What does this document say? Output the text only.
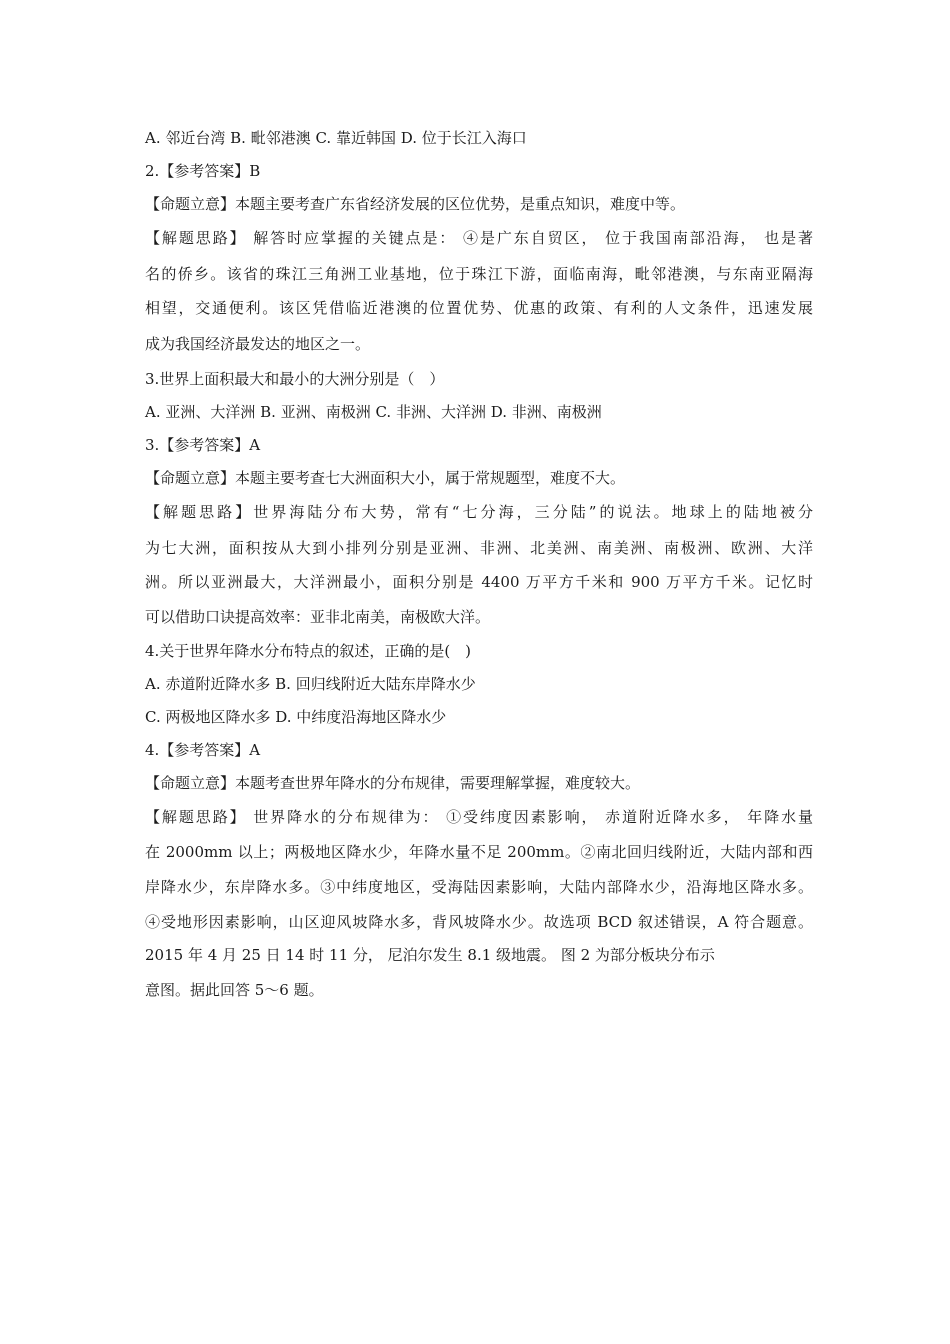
A. 邻近台湾 B. 毗邻港澳 C. 靠近韩国 D. 位于长江入海口
2.【参考答案】B
【命题立意】本题主要考查广东省经济发展的区位优势，是重点知识，难度中等。
【解题思路】 解答时应掌握的关键点是： ④是广东自贸区， 位于我国南部沿海， 也是著
名的侨乡。该省的珠江三角洲工业基地，位于珠江下游，面临南海，毗邻港澳，与东南亚隔海
相望，交通便利。该区凭借临近港澳的位置优势、优惠的政策、有利的人文条件，迅速发展
成为我国经济最发达的地区之一。
3.世界上面积最大和最小的大洲分别是（　）
A. 亚洲、大洋洲 B. 亚洲、南极洲 C. 非洲、大洋洲 D. 非洲、南极洲
3.【参考答案】A
【命题立意】本题主要考查七大洲面积大小，属于常规题型，难度不大。
【解题思路】世界海陆分布大势，常有“七分海，三分陆”的说法。地球上的陆地被分
为七大洲，面积按从大到小排列分别是亚洲、非洲、北美洲、南美洲、南极洲、欧洲、大洋
洲。所以亚洲最大，大洋洲最小，面积分别是 4400 万平方千米和 900 万平方千米。记忆时
可以借助口诀提高效率：亚非北南美，南极欧大洋。
4.关于世界年降水分布特点的叙述，正确的是(　)
A. 赤道附近降水多 B. 回归线附近大陆东岸降水少
C. 两极地区降水多 D. 中纬度沿海地区降水少
4.【参考答案】A
【命题立意】本题考查世界年降水的分布规律，需要理解掌握，难度较大。
【解题思路】 世界降水的分布规律为： ①受纬度因素影响， 赤道附近降水多， 年降水量
在 2000mm 以上；两极地区降水少，年降水量不足 200mm。②南北回归线附近，大陆内部和西
岸降水少，东岸降水多。③中纬度地区，受海陆因素影响，大陆内部降水少，沿海地区降水多。
④受地形因素影响，山区迎风坡降水多，背风坡降水少。故选项 BCD 叙述错误，A 符合题意。
2015 年 4 月 25 日 14 时 11 分， 尼泊尔发生 8.1 级地震。 图 2 为部分板块分布示
意图。据此回答 5～6 题。
